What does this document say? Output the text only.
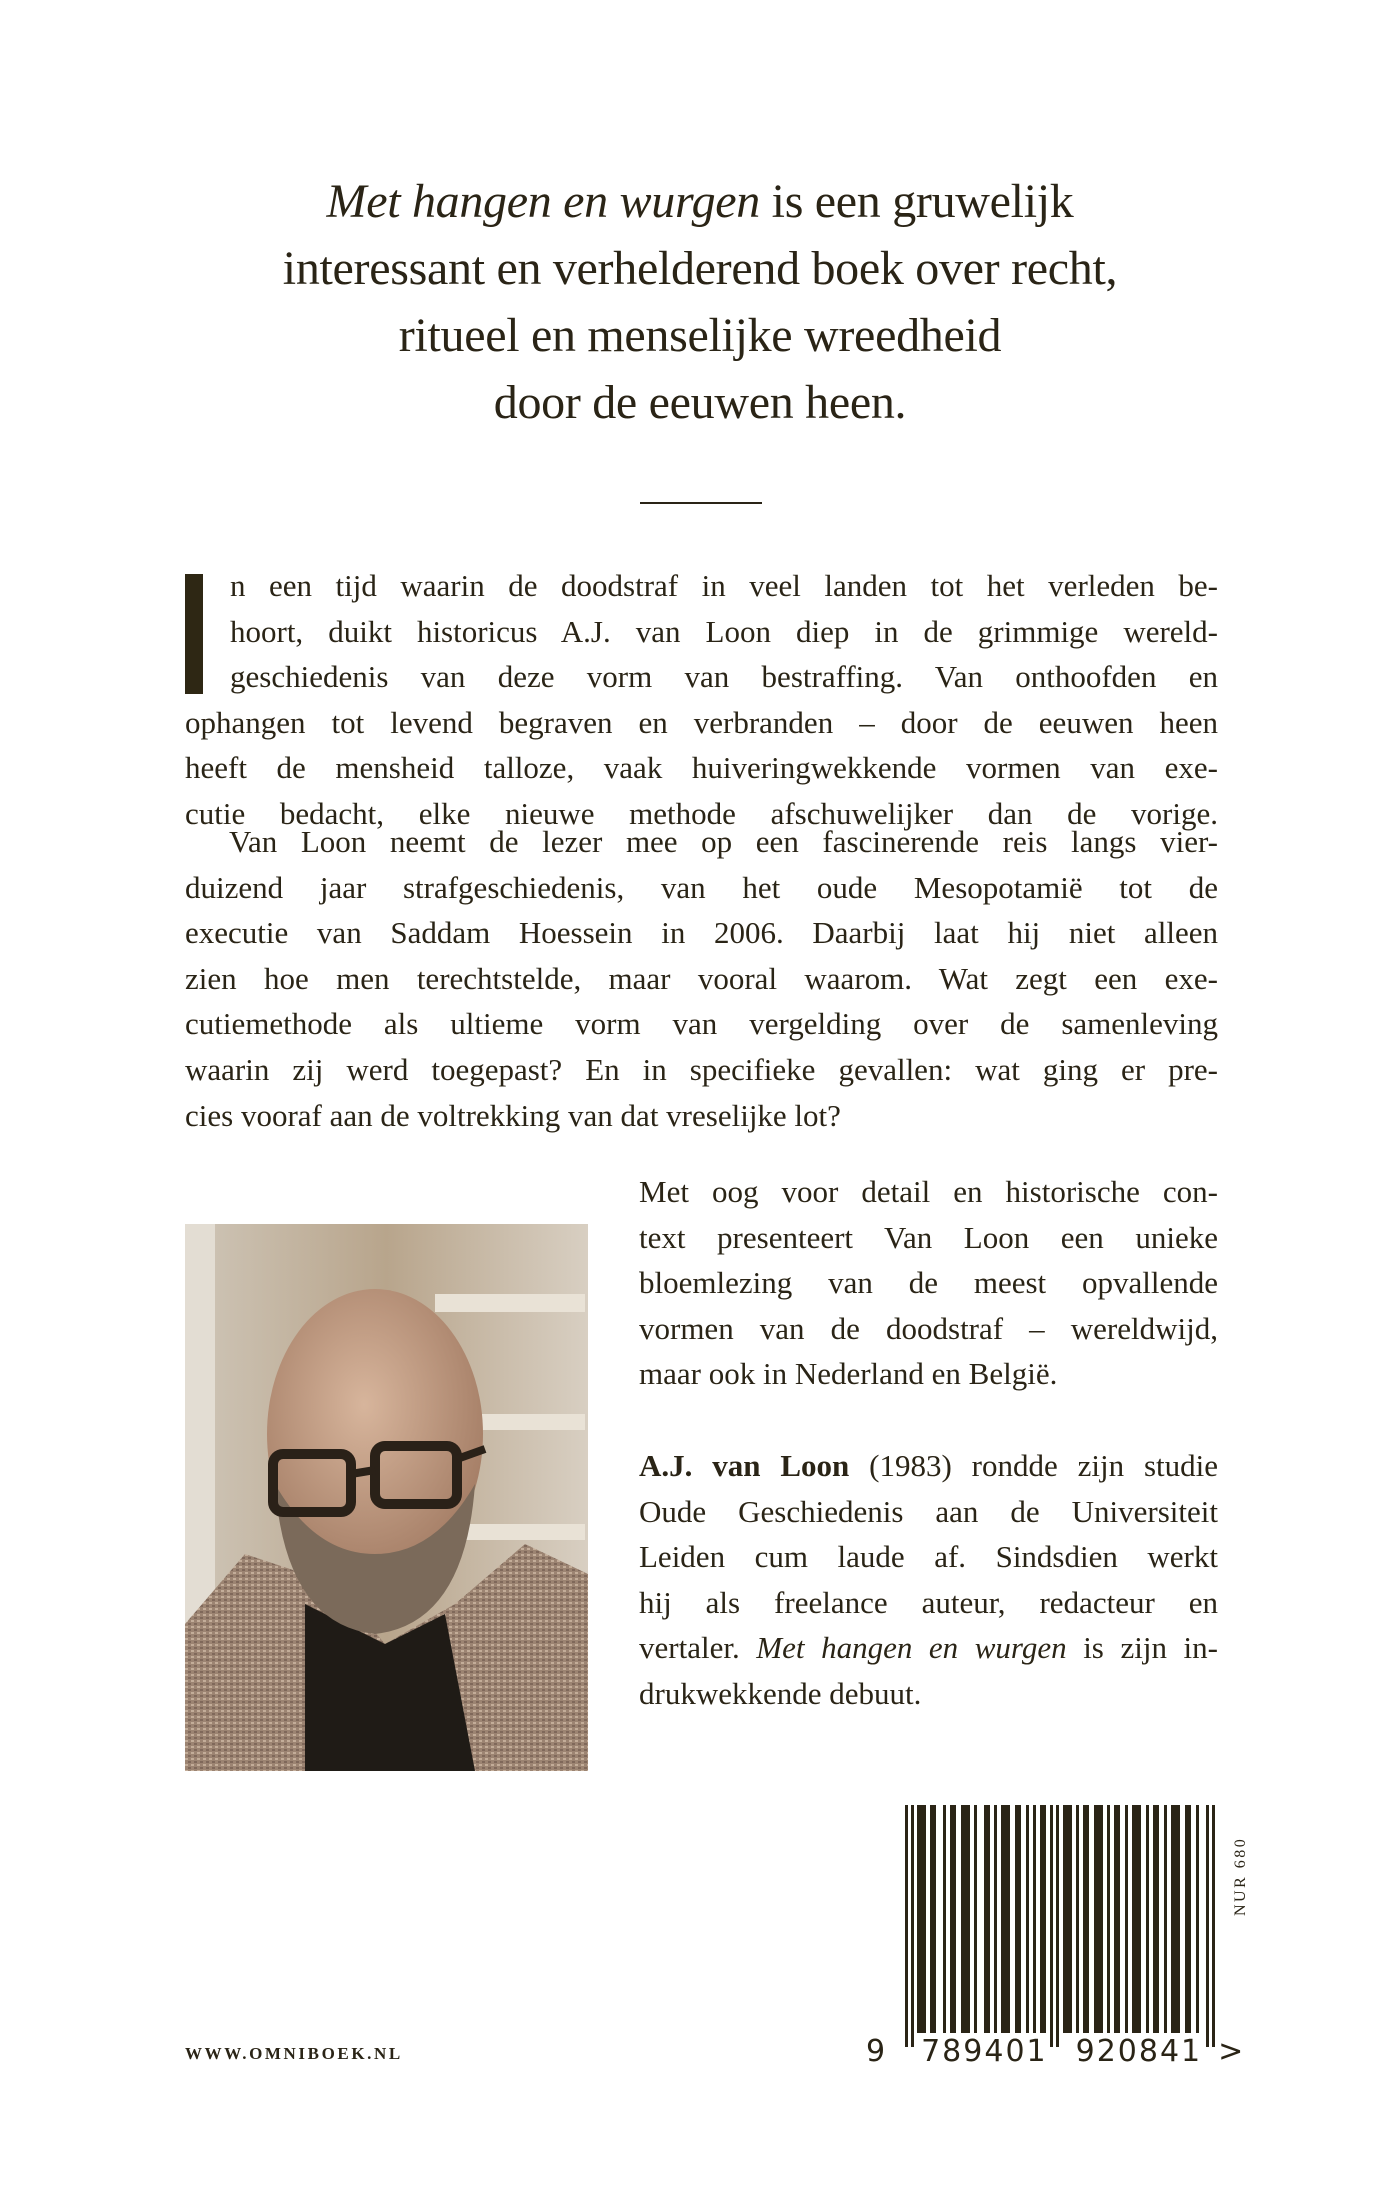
Met hangen en wurgen is een gruwelijk
interessant en verhelderend boek over recht,
ritueel en menselijke wreedheid
door de eeuwen heen.
n een tijd waarin de doodstraf in veel landen tot het verleden be-
hoort, duikt historicus A.J. van Loon diep in de grimmige wereld-
geschiedenis van deze vorm van bestraffing. Van onthoofden en
ophangen tot levend begraven en verbranden – door de eeuwen heen
heeft de mensheid talloze, vaak huiveringwekkende vormen van exe-
cutie bedacht, elke nieuwe methode afschuwelijker dan de vorige.
Van Loon neemt de lezer mee op een fascinerende reis langs vier-
duizend jaar strafgeschiedenis, van het oude Mesopotamië tot de
executie van Saddam Hoessein in 2006. Daarbij laat hij niet alleen
zien hoe men terechtstelde, maar vooral waarom. Wat zegt een exe-
cutiemethode als ultieme vorm van vergelding over de samenleving
waarin zij werd toegepast? En in specifieke gevallen: wat ging er pre-
cies vooraf aan de voltrekking van dat vreselijke lot?
Met oog voor detail en historische con-
text presenteert Van Loon een unieke
bloemlezing van de meest opvallende
vormen van de doodstraf – wereldwijd,
maar ook in Nederland en België.
A.J. van Loon (1983) rondde zijn studie
Oude Geschiedenis aan de Universiteit
Leiden cum laude af. Sindsdien werkt
hij als freelance auteur, redacteur en
vertaler. Met hangen en wurgen is zijn in-
drukwekkende debuut.
WWW.OMNIBOEK.NL	9 789401 920841 >
NUR 680
